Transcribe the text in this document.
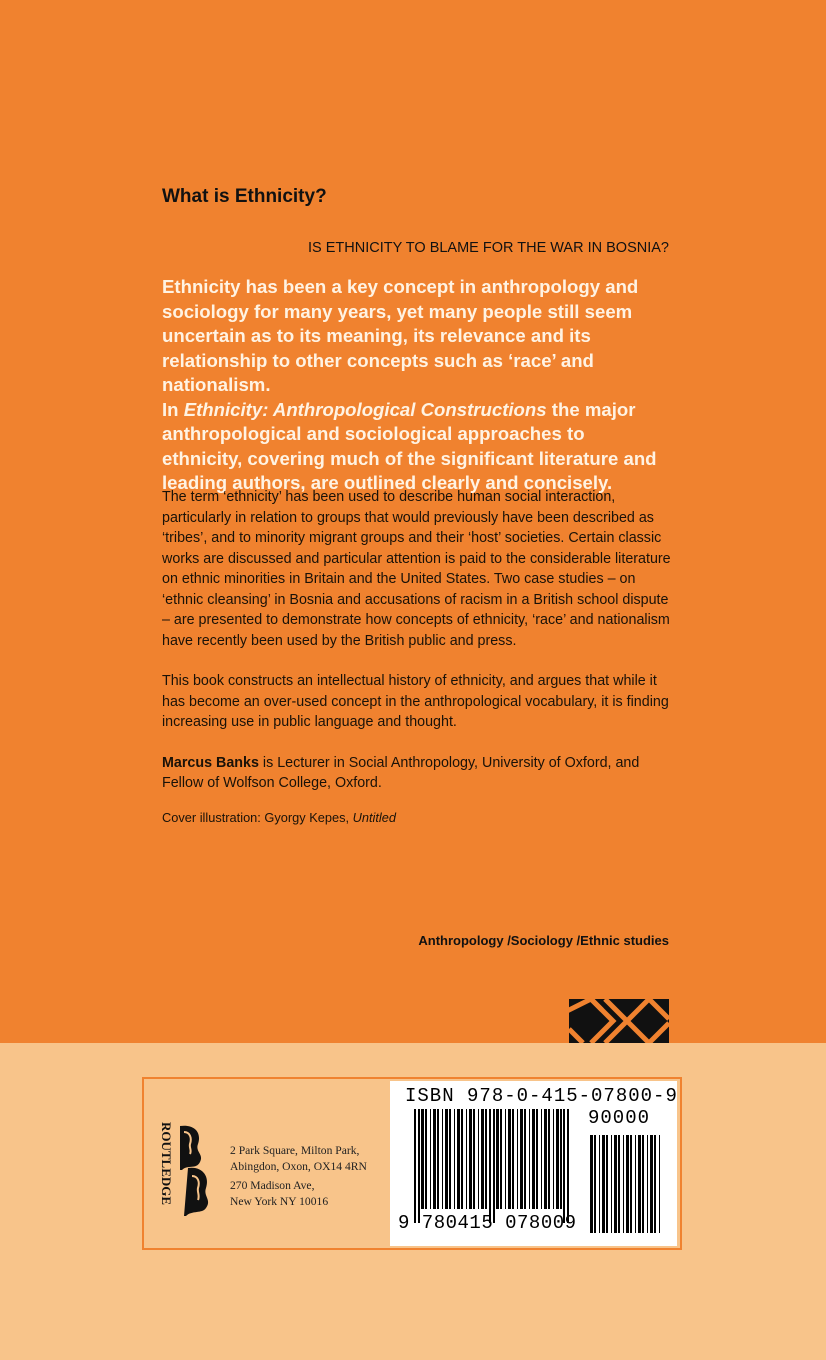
What is Ethnicity?
IS ETHNICITY TO BLAME FOR THE WAR IN BOSNIA?

Ethnicity has been a key concept in anthropology and sociology for many years, yet many people still seem uncertain as to its meaning, its relevance and its relationship to other concepts such as ‘race’ and nationalism.

In Ethnicity: Anthropological Constructions the major anthropological and sociological approaches to ethnicity, covering much of the significant literature and leading authors, are outlined clearly and concisely.

The term ‘ethnicity’ has been used to describe human social interaction, particularly in relation to groups that would previously have been described as ‘tribes’, and to minority migrant groups and their ‘host’ societies. Certain classic works are discussed and particular attention is paid to the considerable literature on ethnic minorities in Britain and the United States. Two case studies – on ‘ethnic cleansing’ in Bosnia and accusations of racism in a British school dispute – are presented to demonstrate how concepts of ethnicity, ‘race’ and nationalism have recently been used by the British public and press.

This book constructs an intellectual history of ethnicity, and argues that while it has become an over-used concept in the anthropological vocabulary, it is finding increasing use in public language and thought.

Marcus Banks is Lecturer in Social Anthropology, University of Oxford, and Fellow of Wolfson College, Oxford.

Cover illustration: Gyorgy Kepes, Untitled

Anthropology /Sociology /Ethnic studies
ROUTLEDGE	2 Park Square, Milton Park,
Abingdon, Oxon, OX14 4RN
270 Madison Ave,
New York NY 10016
ISBN 978-0-415-07800-9
90000
9 780415 078009
